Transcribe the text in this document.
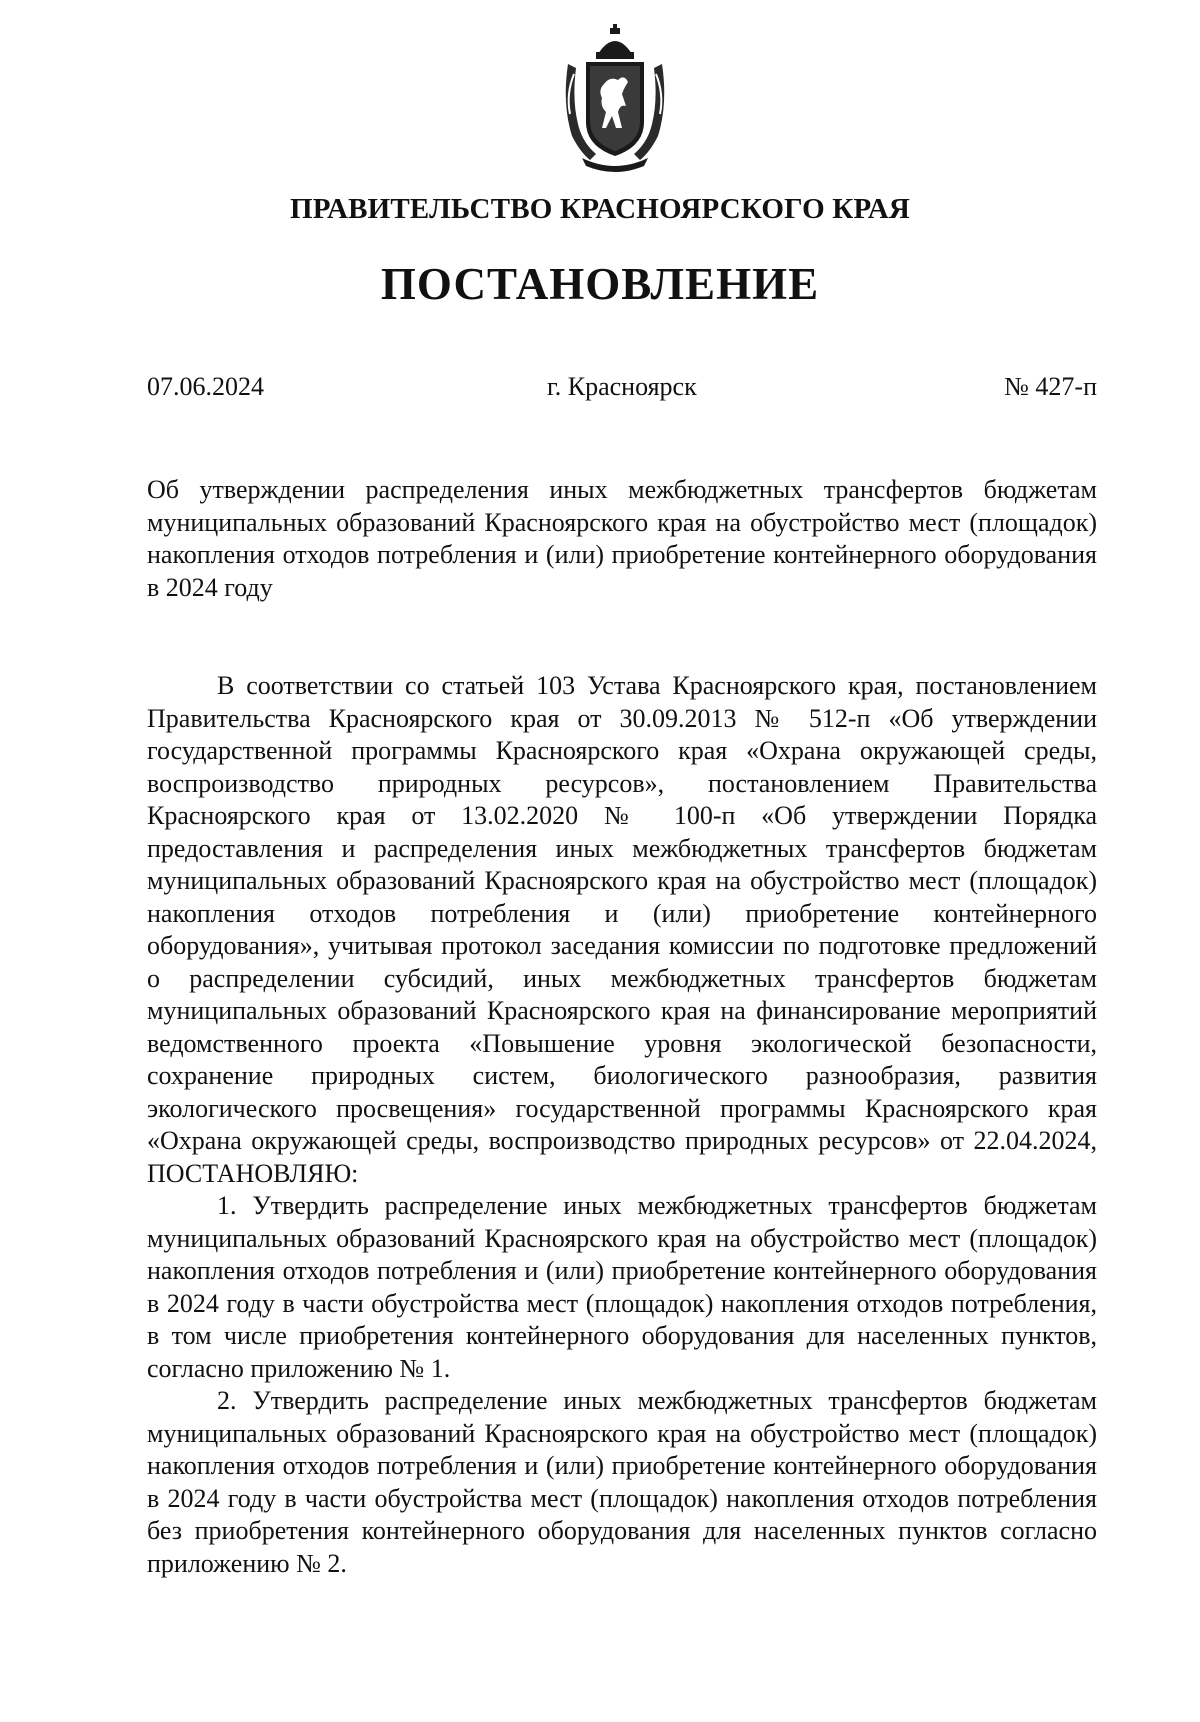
ПРАВИТЕЛЬСТВО КРАСНОЯРСКОГО КРАЯ
ПОСТАНОВЛЕНИЕ
07.06.2024	г. Красноярск	№ 427-п
Об утверждении распределения иных межбюджетных трансфертов бюджетам муниципальных образований Красноярского края на обустройство мест (площадок) накопления отходов потребления и (или) приобретение контейнерного оборудования в 2024 году

В соответствии со статьей 103 Устава Красноярского края, постановлением Правительства Красноярского края от 30.09.2013 № 512-п «Об утверждении государственной программы Красноярского края «Охрана окружающей среды, воспроизводство природных ресурсов», постановлением Правительства Красноярского края от 13.02.2020 № 100-п «Об утверждении Порядка предоставления и распределения иных межбюджетных трансфертов бюджетам муниципальных образований Красноярского края на обустройство мест (площадок) накопления отходов потребления и (или) приобретение контейнерного оборудования», учитывая протокол заседания комиссии по подготовке предложений о распределении субсидий, иных межбюджетных трансфертов бюджетам муниципальных образований Красноярского края на финансирование мероприятий ведомственного проекта «Повышение уровня экологической безопасности, сохранение природных систем, биологического разнообразия, развития экологического просвещения» государственной программы Красноярского края «Охрана окружающей среды, воспроизводство природных ресурсов» от 22.04.2024, ПОСТАНОВЛЯЮ:

1. Утвердить распределение иных межбюджетных трансфертов бюджетам муниципальных образований Красноярского края на обустройство мест (площадок) накопления отходов потребления и (или) приобретение контейнерного оборудования в 2024 году в части обустройства мест (площадок) накопления отходов потребления, в том числе приобретения контейнерного оборудования для населенных пунктов, согласно приложению № 1.

2. Утвердить распределение иных межбюджетных трансфертов бюджетам муниципальных образований Красноярского края на обустройство мест (площадок) накопления отходов потребления и (или) приобретение контейнерного оборудования в 2024 году в части обустройства мест (площадок) накопления отходов потребления без приобретения контейнерного оборудования для населенных пунктов согласно приложению № 2.
